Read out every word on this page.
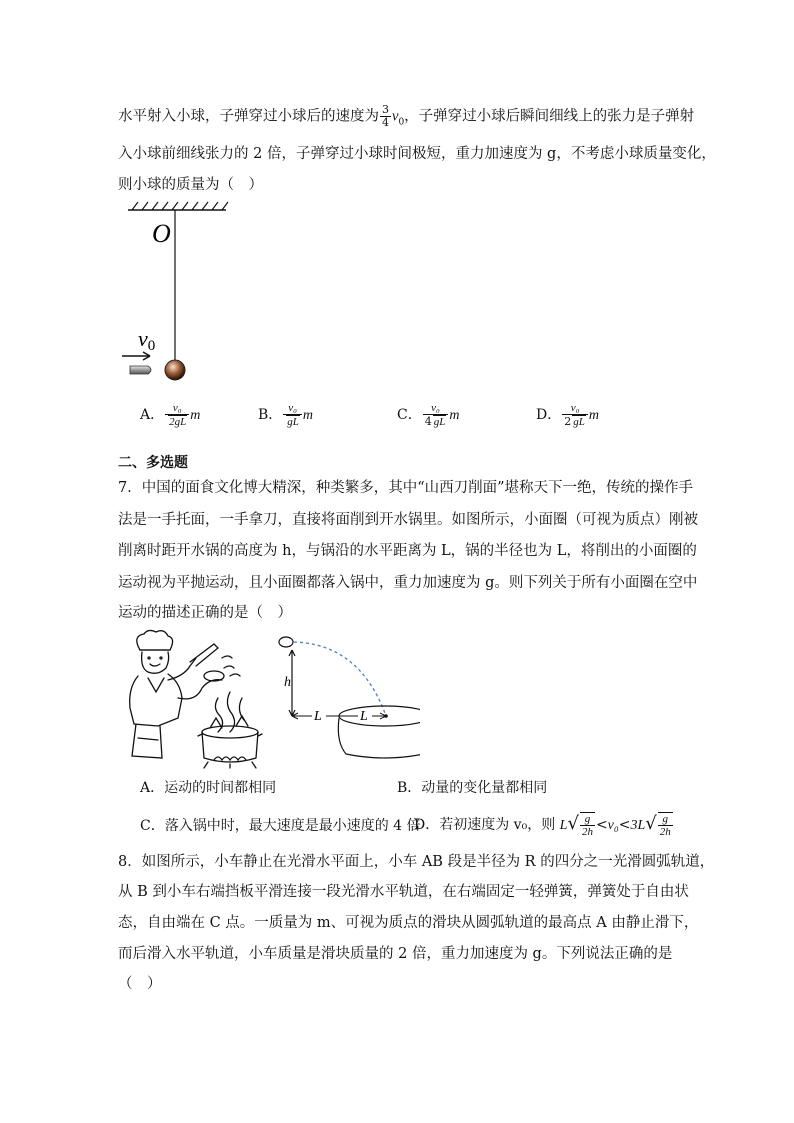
水平射入小球，子弹穿过小球后的速度为 $\frac{3}{4} v_0$，子弹穿过小球后瞬间细线上的张力是子弹射
入小球前细线张力的 2 倍，子弹穿过小球时间极短，重力加速度为 g，不考虑小球质量变化，
则小球的质量为（　）
O
v0
A． $\frac{\text{v₀}}{2gL}$ m	B． $\frac{\text{v₀}}{gL}$ m	C． $\frac{\text{v₀}}{4 gL}$ m	D． $\frac{\text{v₀}}{2 gL}$ m
二、多选题
7．中国的面食文化博大精深，种类繁多，其中“山西刀削面”堪称天下一绝，传统的操作手
法是一手托面，一手拿刀，直接将面削到开水锅里。如图所示，小面圈（可视为质点）刚被
削离时距开水锅的高度为 h，与锅沿的水平距离为 L，锅的半径也为 L，将削出的小面圈的
运动视为平抛运动，且小面圈都落入锅中，重力加速度为 g。则下列关于所有小面圈在空中
运动的描述正确的是（　）
h
L	L
A．运动的时间都相同	B．动量的变化量都相同
C．落入锅中时，最大速度是最小速度的 4 倍
D．若初速度为 v₀，则 $L√ \frac{g}{2h} <v_0<3L√ \frac{g}{2h}$
8．如图所示，小车静止在光滑水平面上，小车 AB 段是半径为 R 的四分之一光滑圆弧轨道，
从 B 到小车右端挡板平滑连接一段光滑水平轨道，在右端固定一轻弹簧，弹簧处于自由状
态，自由端在 C 点。一质量为 m、可视为质点的滑块从圆弧轨道的最高点 A 由静止滑下，
而后滑入水平轨道，小车质量是滑块质量的 2 倍，重力加速度为 g。下列说法正确的是
（　）
